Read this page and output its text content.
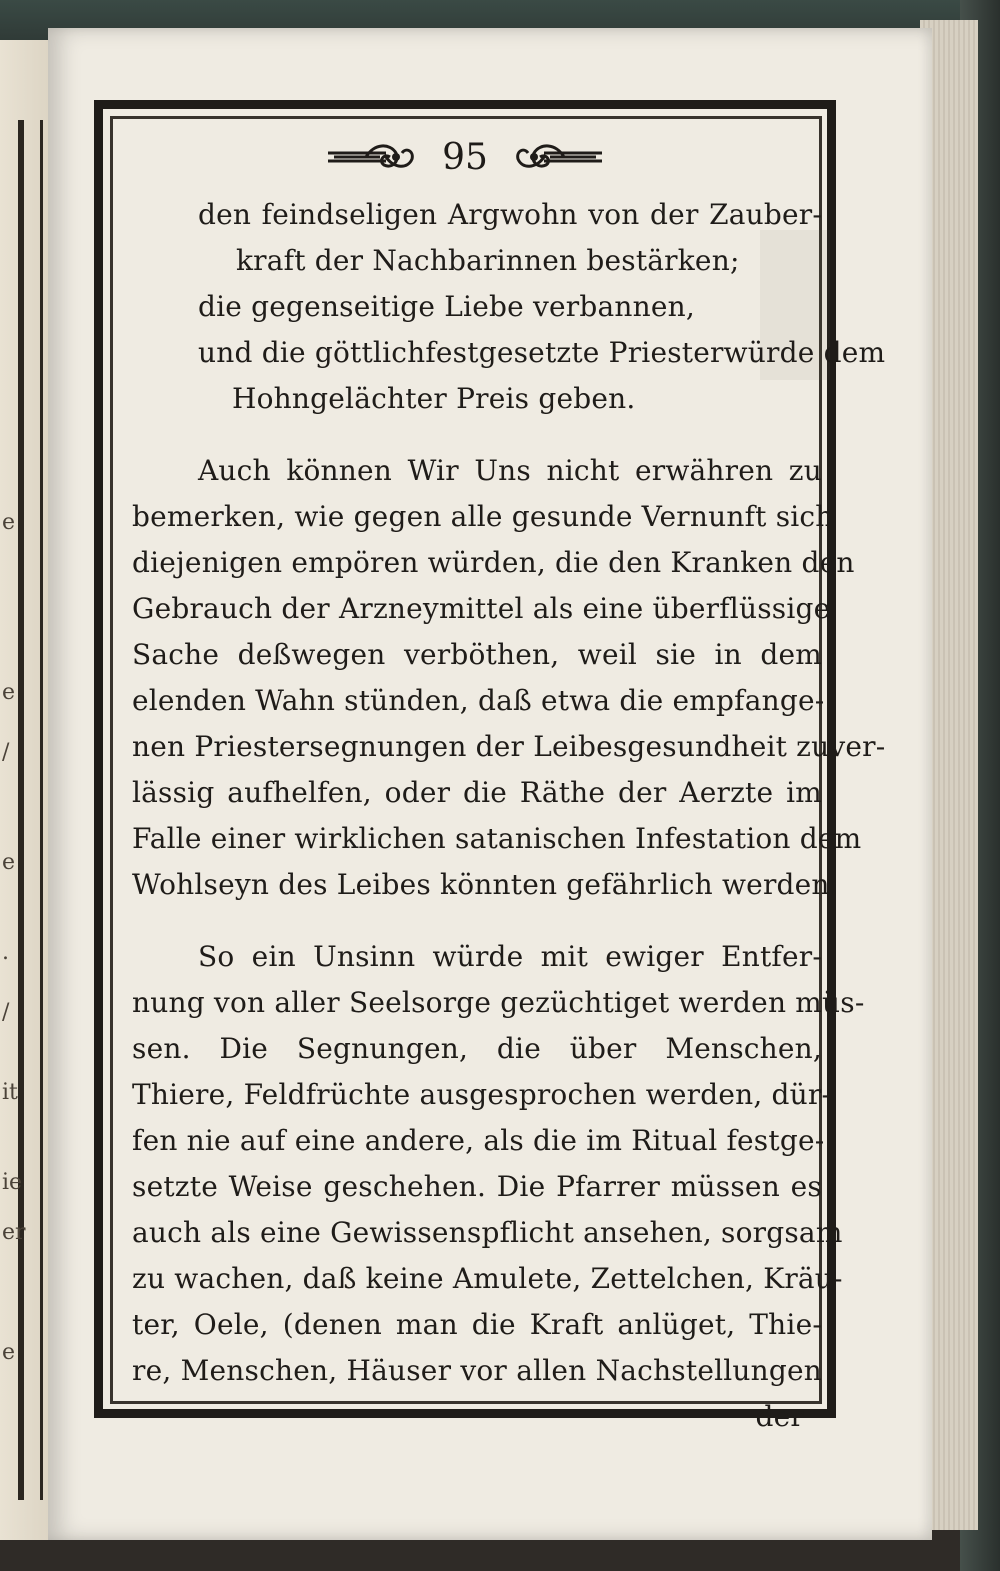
e
e
/
e
.
/
it
ie
er
e
95
den feindseligen Argwohn von der Zauber-
kraft der Nachbarinnen bestärken;
die gegenseitige Liebe verbannen,
und die göttlichfestgesetzte Priesterwürde dem
Hohngelächter Preis geben.
Auch können Wir Uns nicht erwähren zu
bemerken, wie gegen alle gesunde Vernunft sich
diejenigen empören würden, die den Kranken den
Gebrauch der Arzneymittel als eine überflüssige
Sache deßwegen verböthen, weil sie in dem
elenden Wahn stünden, daß etwa die empfange-
nen Priestersegnungen der Leibesgesundheit zuver-
lässig aufhelfen, oder die Räthe der Aerzte im
Falle einer wirklichen satanischen Infestation dem
Wohlseyn des Leibes könnten gefährlich werden.
So ein Unsinn würde mit ewiger Entfer-
nung von aller Seelsorge gezüchtiget werden müs-
sen. Die Segnungen, die über Menschen,
Thiere, Feldfrüchte ausgesprochen werden, dür-
fen nie auf eine andere, als die im Ritual festge-
setzte Weise geschehen. Die Pfarrer müssen es
auch als eine Gewissenspflicht ansehen, sorgsam
zu wachen, daß keine Amulete, Zettelchen, Kräu-
ter, Oele, (denen man die Kraft anlüget, Thie-
re, Menschen, Häuser vor allen Nachstellungen
der
